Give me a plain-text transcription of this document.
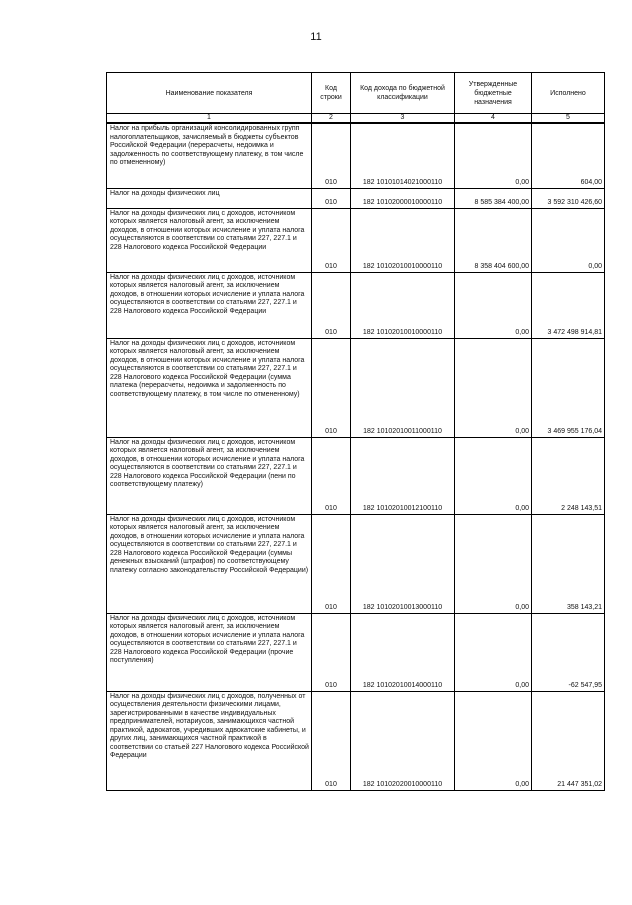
11
Наименование показателя	Код строки	Код дохода по бюджетной классификации	Утвержденные бюджетные назначения	Исполнено
1	2	3	4	5
Налог на прибыль организаций консолидированных групп налогоплательщиков, зачисляемый в бюджеты субъектов Российской Федерации (перерасчеты, недоимка и задолженность по соответствующему платежу, в том числе по отмененному)	010	182 10101014021000110	0,00	604,00
Налог на доходы физических лиц	010	182 10102000010000110	8 585 384 400,00	3 592 310 426,60
Налог на доходы физических лиц с доходов, источником которых является налоговый агент, за исключением доходов, в отношении которых исчисление и уплата налога осуществляются в соответствии со статьями 227, 227.1 и 228 Налогового кодекса Российской Федерации	010	182 10102010010000110	8 358 404 600,00	0,00
Налог на доходы физических лиц с доходов, источником которых является налоговый агент, за исключением доходов, в отношении которых исчисление и уплата налога осуществляются в соответствии со статьями 227, 227.1 и 228 Налогового кодекса Российской Федерации	010	182 10102010010000110	0,00	3 472 498 914,81
Налог на доходы физических лиц с доходов, источником которых является налоговый агент, за исключением доходов, в отношении которых исчисление и уплата налога осуществляются в соответствии со статьями 227, 227.1 и 228 Налогового кодекса Российской Федерации (сумма платежа (перерасчеты, недоимка и задолженность по соответствующему платежу, в том числе по отмененному)	010	182 10102010011000110	0,00	3 469 955 176,04
Налог на доходы физических лиц с доходов, источником которых является налоговый агент, за исключением доходов, в отношении которых исчисление и уплата налога осуществляются в соответствии со статьями 227, 227.1 и 228 Налогового кодекса Российской Федерации (пени по соответствующему платежу)	010	182 10102010012100110	0,00	2 248 143,51
Налог на доходы физических лиц с доходов, источником которых является налоговый агент, за исключением доходов, в отношении которых исчисление и уплата налога осуществляются в соответствии со статьями 227, 227.1 и 228 Налогового кодекса Российской Федерации (суммы денежных взысканий (штрафов) по соответствующему платежу согласно законодательству Российской Федерации)	010	182 10102010013000110	0,00	358 143,21
Налог на доходы физических лиц с доходов, источником которых является налоговый агент, за исключением доходов, в отношении которых исчисление и уплата налога осуществляются в соответствии со статьями 227, 227.1 и 228 Налогового кодекса Российской Федерации (прочие поступления)	010	182 10102010014000110	0,00	-62 547,95
Налог на доходы физических лиц с доходов, полученных от осуществления деятельности физическими лицами, зарегистрированными в качестве индивидуальных предпринимателей, нотариусов, занимающихся частной практикой, адвокатов, учредивших адвокатские кабинеты, и других лиц, занимающихся частной практикой в соответствии со статьей 227 Налогового кодекса Российской Федерации	010	182 10102020010000110	0,00	21 447 351,02
